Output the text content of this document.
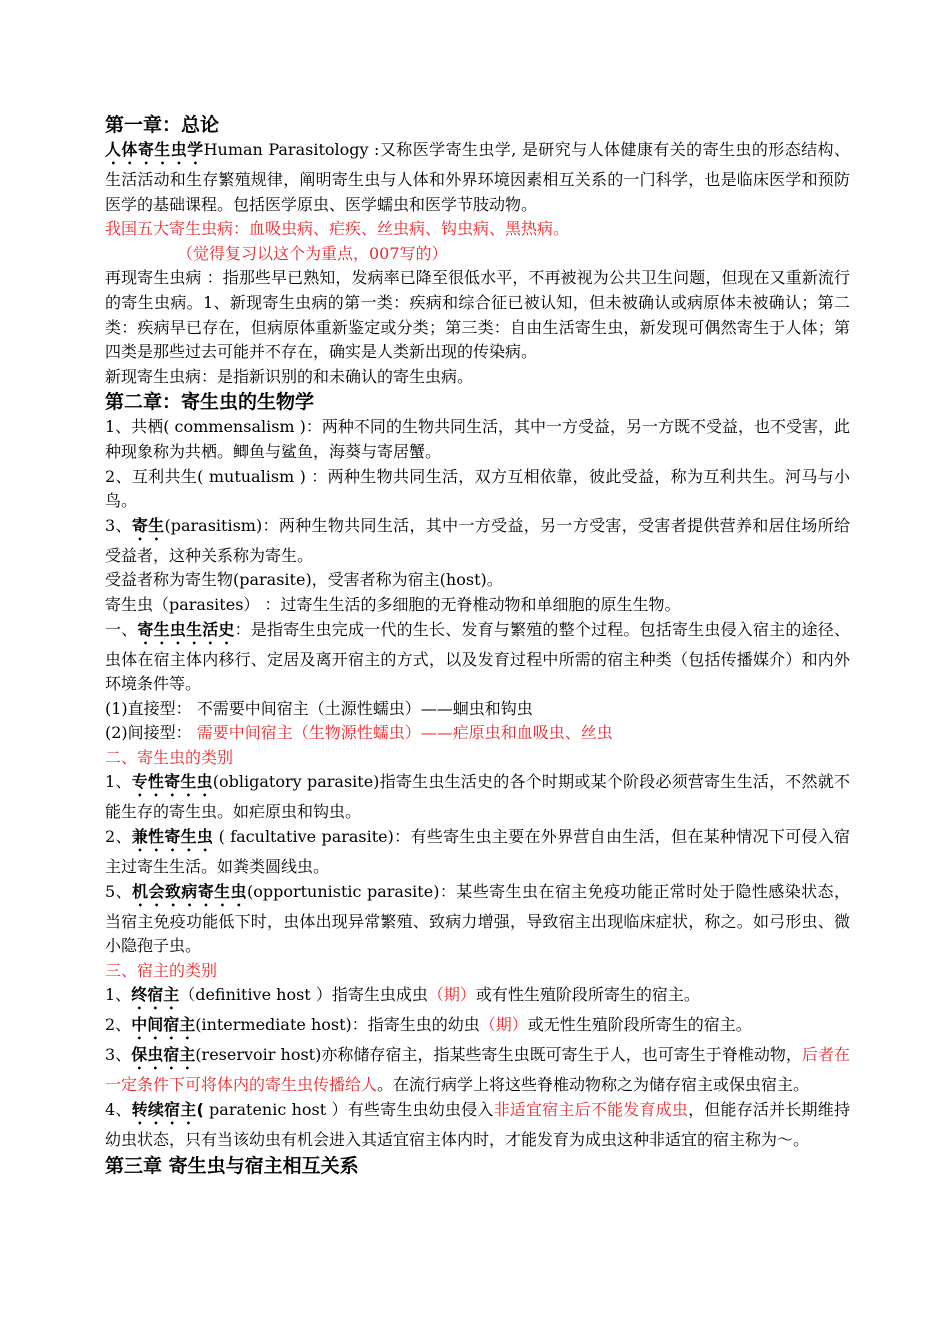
第一章：总论

人体寄生虫学Human Parasitology :又称医学寄生虫学, 是研究与人体健康有关的寄生虫的形态结构、生活活动和生存繁殖规律，阐明寄生虫与人体和外界环境因素相互关系的一门科学，也是临床医学和预防医学的基础课程。包括医学原虫、医学蠕虫和医学节肢动物。

我国五大寄生虫病：血吸虫病、疟疾、丝虫病、钩虫病、黑热病。

（觉得复习以这个为重点，007写的）

再现寄生虫病 ：指那些早已熟知，发病率已降至很低水平，不再被视为公共卫生问题，但现在又重新流行的寄生虫病。1、新现寄生虫病的第一类：疾病和综合征已被认知，但未被确认或病原体未被确认；第二类：疾病早已存在，但病原体重新鉴定或分类；第三类：自由生活寄生虫，新发现可偶然寄生于人体；第四类是那些过去可能并不存在，确实是人类新出现的传染病。

新现寄生虫病：是指新识别的和未确认的寄生虫病。

第二章：寄生虫的生物学

1、共栖( commensalism )：两种不同的生物共同生活，其中一方受益，另一方既不受益，也不受害，此种现象称为共栖。鲫鱼与鲨鱼，海葵与寄居蟹。

2、互利共生( mutualism ) ：两种生物共同生活，双方互相依靠，彼此受益，称为互利共生。河马与小鸟。

3、寄生(parasitism)：两种生物共同生活，其中一方受益，另一方受害，受害者提供营养和居住场所给受益者，这种关系称为寄生。

受益者称为寄生物(parasite)，受害者称为宿主(host)。

寄生虫（parasites） ：过寄生生活的多细胞的无脊椎动物和单细胞的原生生物。

一、寄生虫生活史：是指寄生虫完成一代的生长、发育与繁殖的整个过程。包括寄生虫侵入宿主的途径、虫体在宿主体内移行、定居及离开宿主的方式，以及发育过程中所需的宿主种类（包括传播媒介）和内外环境条件等。

(1)直接型： 不需要中间宿主（土源性蠕虫）——蛔虫和钩虫

(2)间接型： 需要中间宿主（生物源性蠕虫）——疟原虫和血吸虫、丝虫

二、寄生虫的类别

1、专性寄生虫(obligatory parasite)指寄生虫生活史的各个时期或某个阶段必须营寄生生活，不然就不能生存的寄生虫。如疟原虫和钩虫。

2、兼性寄生虫 ( facultative parasite)：有些寄生虫主要在外界营自由生活，但在某种情况下可侵入宿主过寄生生活。如粪类圆线虫。

5、机会致病寄生虫(opportunistic parasite)：某些寄生虫在宿主免疫功能正常时处于隐性感染状态，当宿主免疫功能低下时，虫体出现异常繁殖、致病力增强，导致宿主出现临床症状，称之。如弓形虫、微小隐孢子虫。

三、宿主的类别

1、终宿主（definitive host ）指寄生虫成虫（期）或有性生殖阶段所寄生的宿主。

2、中间宿主(intermediate host)：指寄生虫的幼虫（期）或无性生殖阶段所寄生的宿主。

3、保虫宿主(reservoir host)亦称储存宿主，指某些寄生虫既可寄生于人，也可寄生于脊椎动物，后者在一定条件下可将体内的寄生虫传播给人。在流行病学上将这些脊椎动物称之为储存宿主或保虫宿主。

4、转续宿主( paratenic host ）有些寄生虫幼虫侵入非适宜宿主后不能发育成虫，但能存活并长期维持幼虫状态，只有当该幼虫有机会进入其适宜宿主体内时，才能发育为成虫这种非适宜的宿主称为～。

第三章 寄生虫与宿主相互关系
